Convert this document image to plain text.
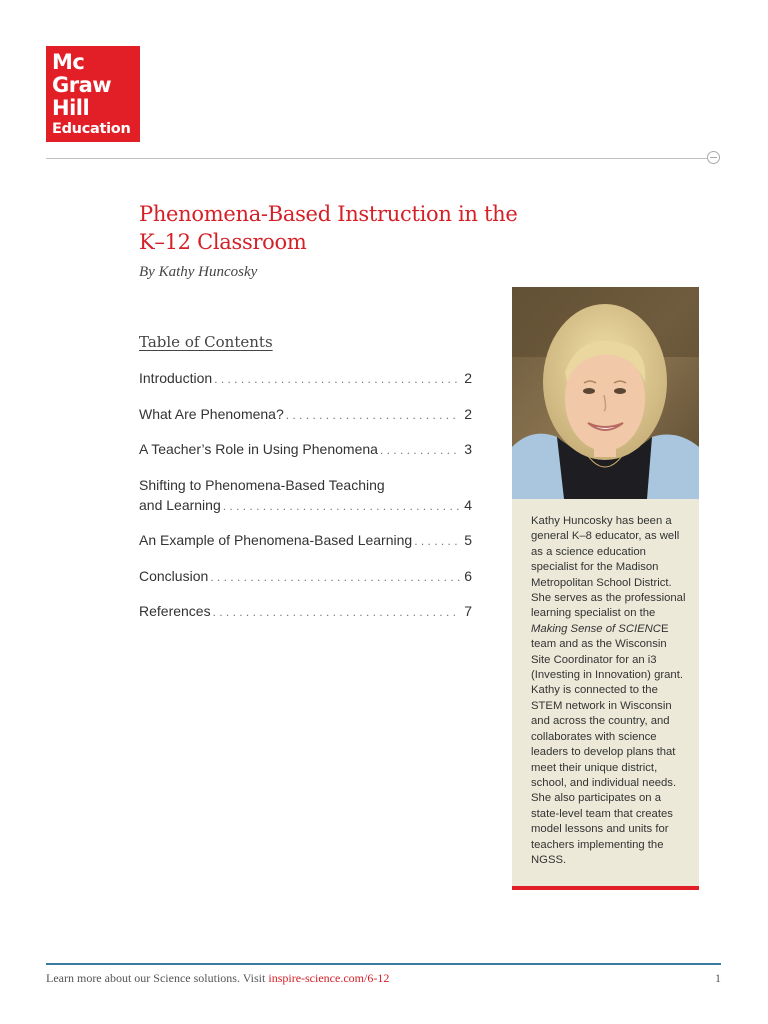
Mc
Graw
Hill
Education
Phenomena-Based Instruction in the
K–12 Classroom
By Kathy Huncosky
Table of Contents
Introduction . . .	2
What Are Phenomena? . . .	2
A Teacher’s Role in Using Phenomena . . .	3
Shifting to Phenomena-Based Teaching
and Learning . . .	4
An Example of Phenomena-Based Learning . . .	5
Conclusion . . .	6
References . . .	7

Kathy Huncosky has been a general K–8 educator, as well as a science education specialist for the Madison Metropolitan School District. She serves as the professional learning specialist on the Making Sense of SCIENCE team and as the Wisconsin Site Coordinator for an i3 (Investing in Innovation) grant. Kathy is connected to the STEM network in Wisconsin and across the country, and collaborates with science leaders to develop plans that meet their unique district, school, and individual needs. She also participates on a state-level team that creates model lessons and units for teachers implementing the NGSS.

Learn more about our Science solutions. Visit inspire-science.com/6-12	1
